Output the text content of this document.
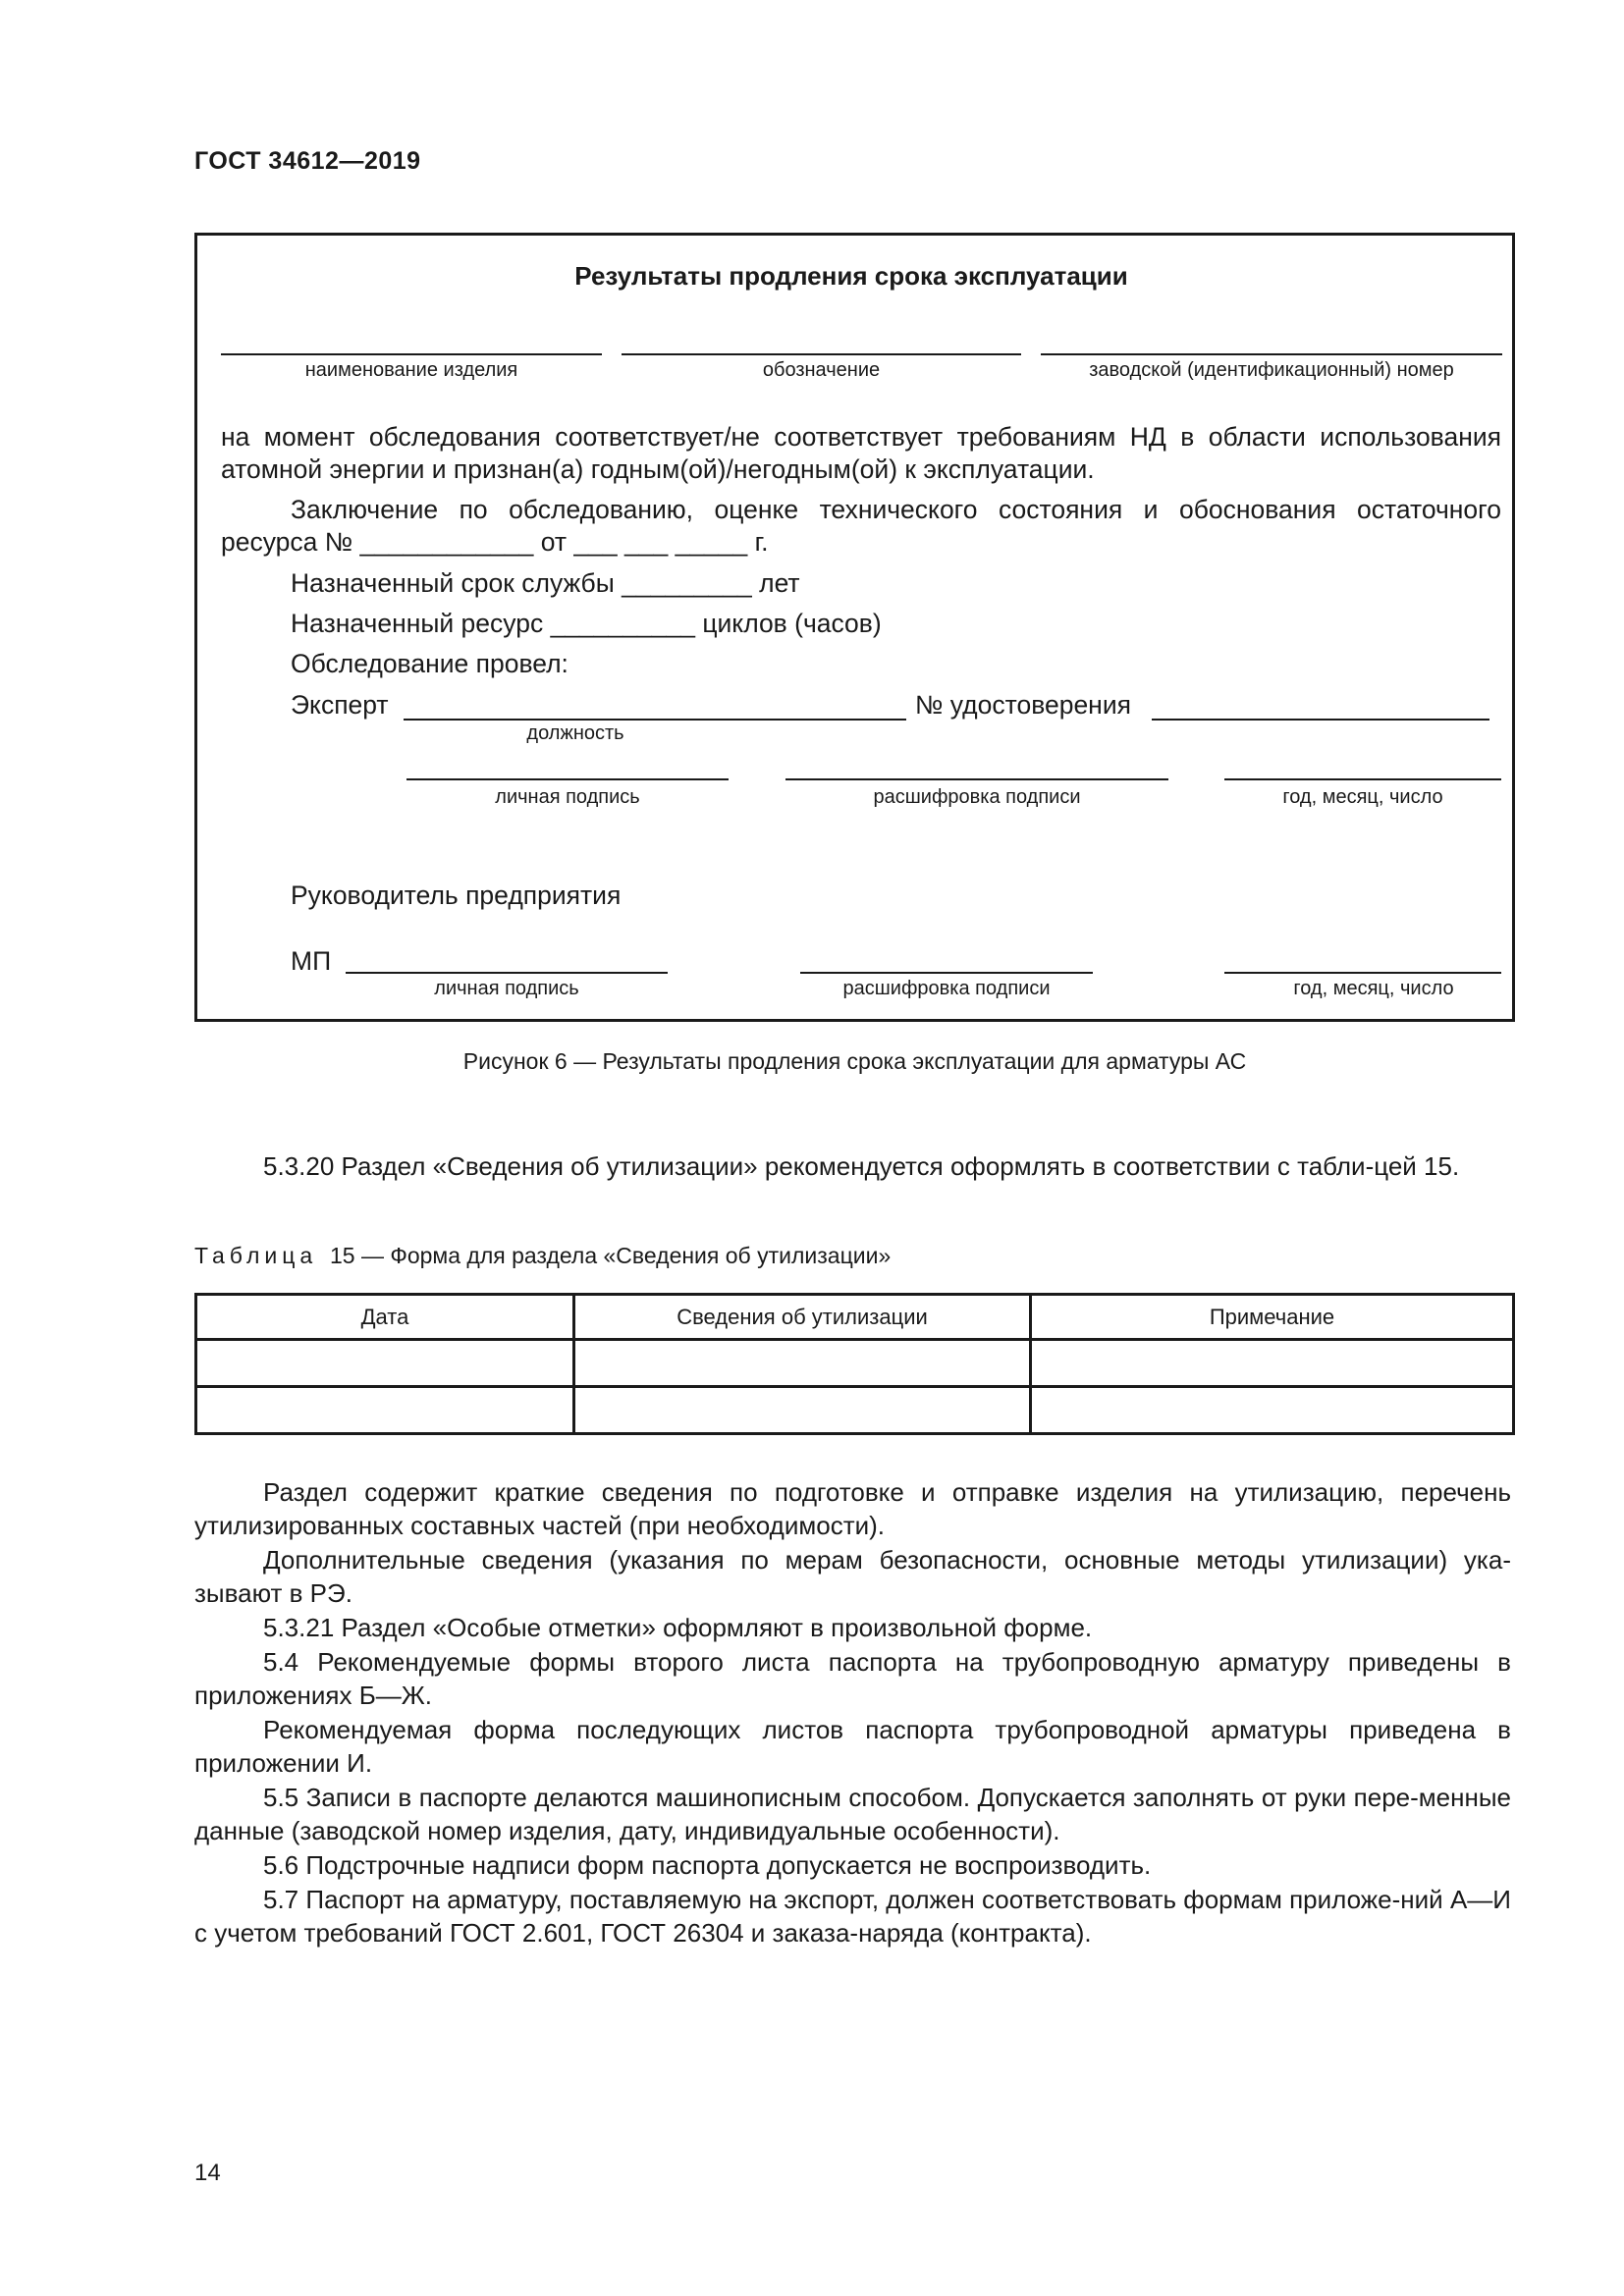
ГОСТ 34612—2019
Результаты продления срока эксплуатации
наименование изделия	обозначение	заводской (идентификационный) номер
на момент обследования соответствует/не соответствует требованиям НД в области использования
атомной энергии и признан(а) годным(ой)/негодным(ой) к эксплуатации.
Заключение по обследованию, оценке технического состояния и обоснования остаточного
ресурса № ____________ от ___ ___ _____ г.
Назначенный срок службы _________ лет
Назначенный ресурс __________ циклов (часов)
Обследование провел:
Эксперт
должность
№ удостоверения
личная подпись	расшифровка подписи	год, месяц, число
Руководитель предприятия
МП
личная подпись	расшифровка подписи	год, месяц, число
Рисунок 6 — Результаты продления срока эксплуатации для арматуры АС
5.3.20 Раздел «Сведения об утилизации» рекомендуется оформлять в соответствии с табли-цей 15.
Таблица 15 — Форма для раздела «Сведения об утилизации»
Дата	Сведения об утилизации	Примечание

Раздел содержит краткие сведения по подготовке и отправке изделия на утилизацию, перечень утилизированных составных частей (при необходимости).
Дополнительные сведения (указания по мерам безопасности, основные методы утилизации) ука-зывают в РЭ.
5.3.21 Раздел «Особые отметки» оформляют в произвольной форме.
5.4 Рекомендуемые формы второго листа паспорта на трубопроводную арматуру приведены в приложениях Б—Ж.
Рекомендуемая форма последующих листов паспорта трубопроводной арматуры приведена в приложении И.
5.5 Записи в паспорте делаются машинописным способом. Допускается заполнять от руки пере-менные данные (заводской номер изделия, дату, индивидуальные особенности).
5.6 Подстрочные надписи форм паспорта допускается не воспроизводить.
5.7 Паспорт на арматуру, поставляемую на экспорт, должен соответствовать формам приложе-ний А—И с учетом требований ГОСТ 2.601, ГОСТ 26304 и заказа-наряда (контракта).
14
